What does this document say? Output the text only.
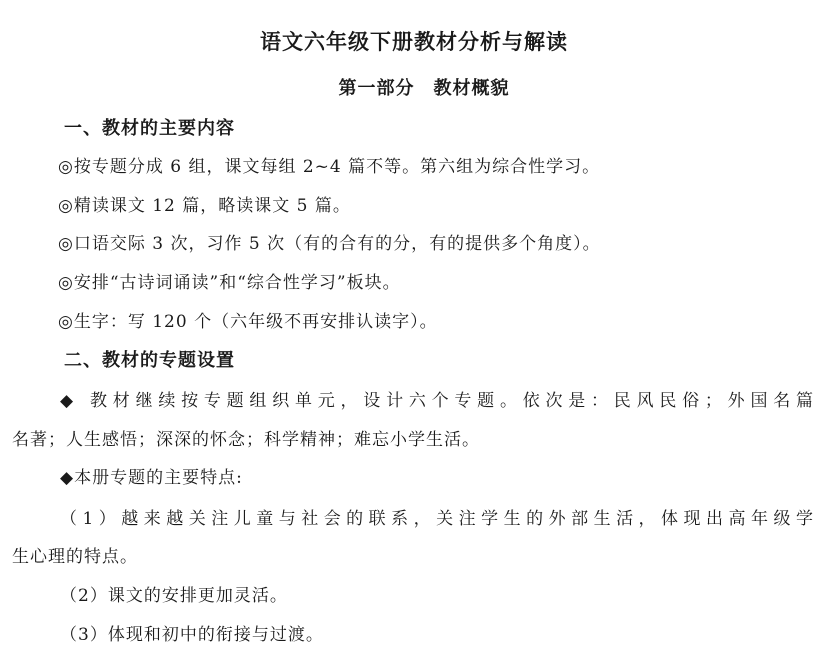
语文六年级下册教材分析与解读
第一部分　教材概貌
一、教材的主要内容
◎按专题分成 6 组，课文每组 2~4 篇不等。第六组为综合性学习。
◎精读课文 12 篇，略读课文 5 篇。
◎口语交际 3 次，习作 5 次（有的合有的分，有的提供多个角度）。
◎安排“古诗词诵读”和“综合性学习”板块。
◎生字：写 120 个（六年级不再安排认读字）。
二、教材的专题设置
◆ 教材继续按专题组织单元，设计六个专题。依次是：民风民俗；外国名篇
名著；人生感悟；深深的怀念；科学精神；难忘小学生活。
◆本册专题的主要特点:
（1）越来越关注儿童与社会的联系，关注学生的外部生活，体现出高年级学
生心理的特点。
（2）课文的安排更加灵活。
（3）体现和初中的衔接与过渡。
